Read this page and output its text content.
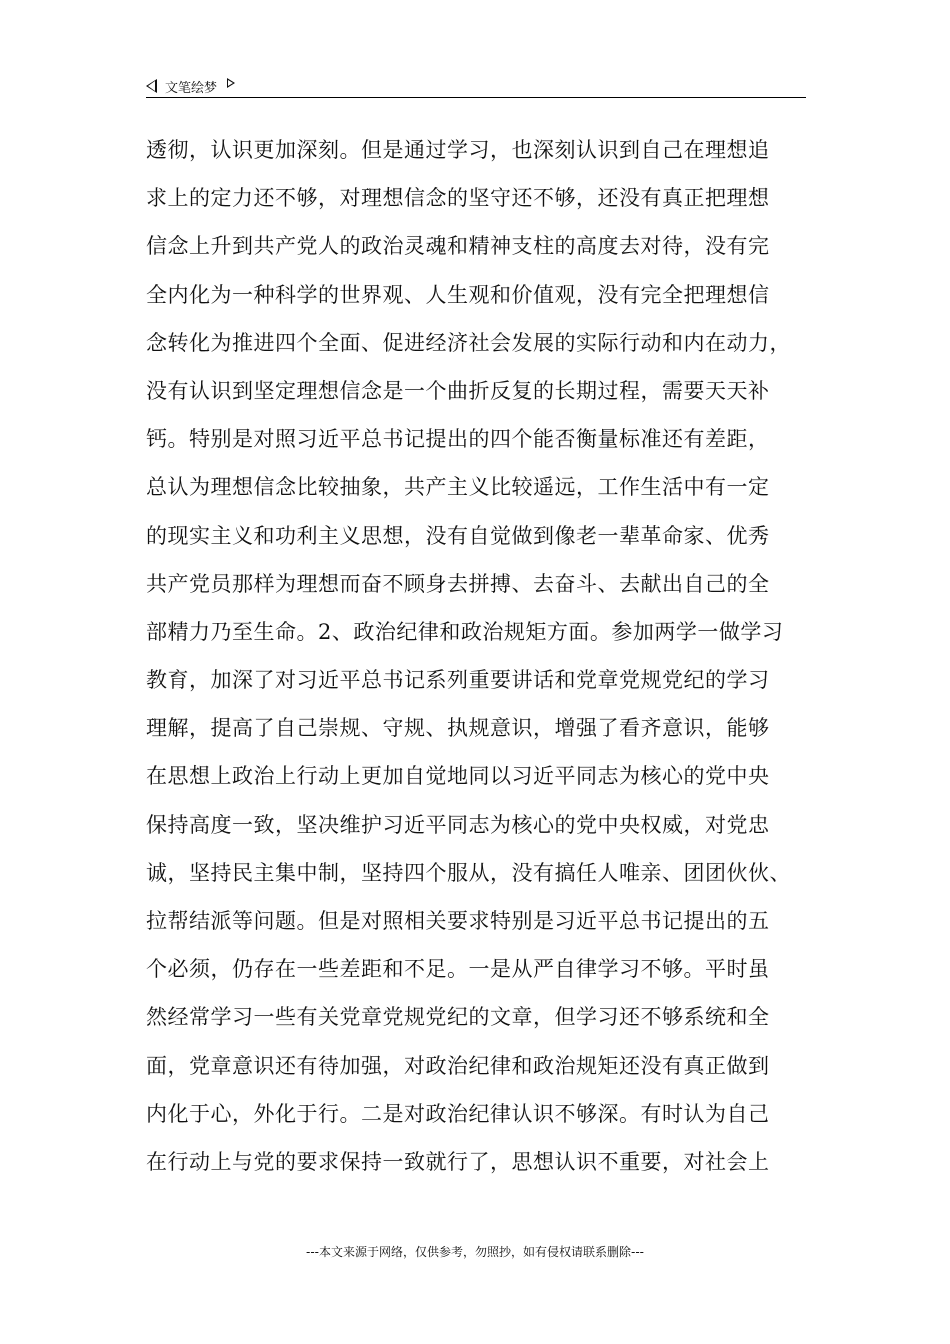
文笔绘梦
透彻，认识更加深刻。但是通过学习，也深刻认识到自己在理想追
求上的定力还不够，对理想信念的坚守还不够，还没有真正把理想
信念上升到共产党人的政治灵魂和精神支柱的高度去对待，没有完
全内化为一种科学的世界观、人生观和价值观，没有完全把理想信
念转化为推进四个全面、促进经济社会发展的实际行动和内在动力，
没有认识到坚定理想信念是一个曲折反复的长期过程，需要天天补
钙。特别是对照习近平总书记提出的四个能否衡量标准还有差距，
总认为理想信念比较抽象，共产主义比较遥远，工作生活中有一定
的现实主义和功利主义思想，没有自觉做到像老一辈革命家、优秀
共产党员那样为理想而奋不顾身去拼搏、去奋斗、去献出自己的全
部精力乃至生命。2、政治纪律和政治规矩方面。参加两学一做学习
教育，加深了对习近平总书记系列重要讲话和党章党规党纪的学习
理解，提高了自己崇规、守规、执规意识，增强了看齐意识，能够
在思想上政治上行动上更加自觉地同以习近平同志为核心的党中央
保持高度一致，坚决维护习近平同志为核心的党中央权威，对党忠
诚，坚持民主集中制，坚持四个服从，没有搞任人唯亲、团团伙伙、
拉帮结派等问题。但是对照相关要求特别是习近平总书记提出的五
个必须，仍存在一些差距和不足。一是从严自律学习不够。平时虽
然经常学习一些有关党章党规党纪的文章，但学习还不够系统和全
面，党章意识还有待加强，对政治纪律和政治规矩还没有真正做到
内化于心，外化于行。二是对政治纪律认识不够深。有时认为自己
在行动上与党的要求保持一致就行了，思想认识不重要，对社会上
---本文来源于网络，仅供参考，勿照抄，如有侵权请联系删除---
